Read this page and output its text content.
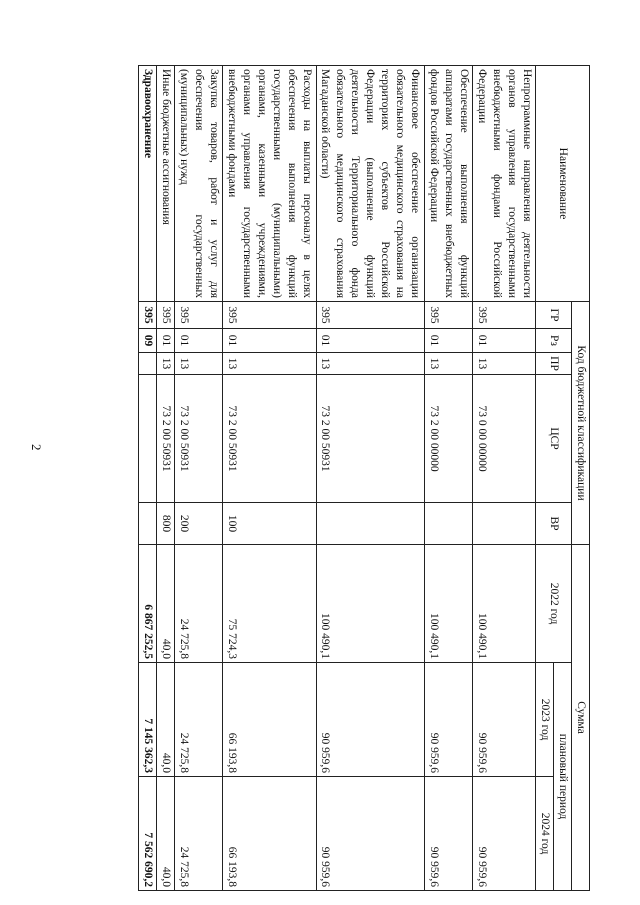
2
Наименование	Код бюджетной классификации					Сумма		
	ГР	Рз	ПР	ЦСР	ВР	2022 год	плановый период	
							2023 год	2024 год
Непрограммные направления деятельности органов управления государственными внебюджетными фондами Российской Федерации	395	01	13	73 0 00 00000		100 490,1	90 959,6	90 959,6
Обеспечение выполнения функций аппаратами государственных внебюджетных фондов Российской Федерации	395	01	13	73 2 00 00000		100 490,1	90 959,6	90 959,6
Финансовое обеспечение организации обязательного медицинского страхования на территориях субъектов Российской Федерации (выполнение функций деятельности Территориального фонда обязательного медицинского страхования Магаданской области)	395	01	13	73 2 00 50931		100 490,1	90 959,6	90 959,6
Расходы на выплаты персоналу в целях обеспечения выполнения функций государственными (муниципальными) органами, казенными учреждениями, органами управления государственными внебюджетными фондами	395	01	13	73 2 00 50931	100	75 724,3	66 193,8	66 193,8
Закупка товаров, работ и услуг для обеспечения государственных (муниципальных) нужд	395	01	13	73 2 00 50931	200	24 725,8	24 725,8	24 725,8
Иные бюджетные ассигнования	395	01	13	73 2 00 50931	800	40,0	40,0	40,0
Здравоохранение	395	09				6 867 252,5	7 145 362,3	7 562 690,2
